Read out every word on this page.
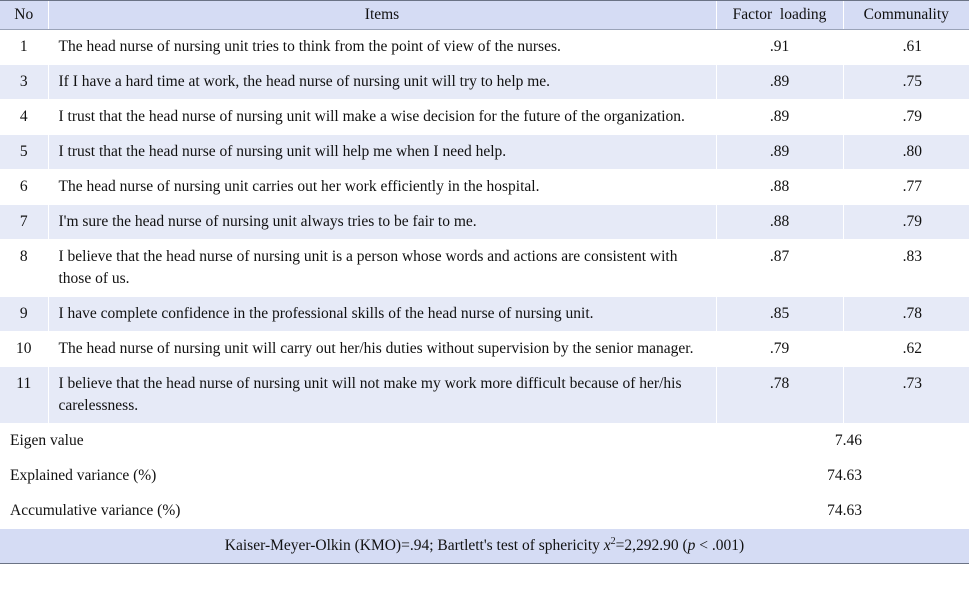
No	Items	Factor  loading	Communality
1	The head nurse of nursing unit tries to think from the point of view of the nurses.	.91	.61
3	If I have a hard time at work, the head nurse of nursing unit will try to help me.	.89	.75
4	I trust that the head nurse of nursing unit will make a wise decision for the future of the organization.	.89	.79
5	I trust that the head nurse of nursing unit will help me when I need help.	.89	.80
6	The head nurse of nursing unit carries out her work efficiently in the hospital.	.88	.77
7	I'm sure the head nurse of nursing unit always tries to be fair to me.	.88	.79
8	I believe that the head nurse of nursing unit is a person whose words and actions are consistent with those of us.	.87	.83
9	I have complete confidence in the professional skills of the head nurse of nursing unit.	.85	.78
10	The head nurse of nursing unit will carry out her/his duties without supervision by the senior manager.	.79	.62
11	I believe that the head nurse of nursing unit will not make my work more difficult because of her/his carelessness.	.78	.73
Eigen value		7.46	
Explained variance (%)		74.63	
Accumulative variance (%)		74.63	
Kaiser-Meyer-Olkin (KMO)=.94; Bartlett's test of sphericity $x^2=2,292.90$ (p < .001)			
